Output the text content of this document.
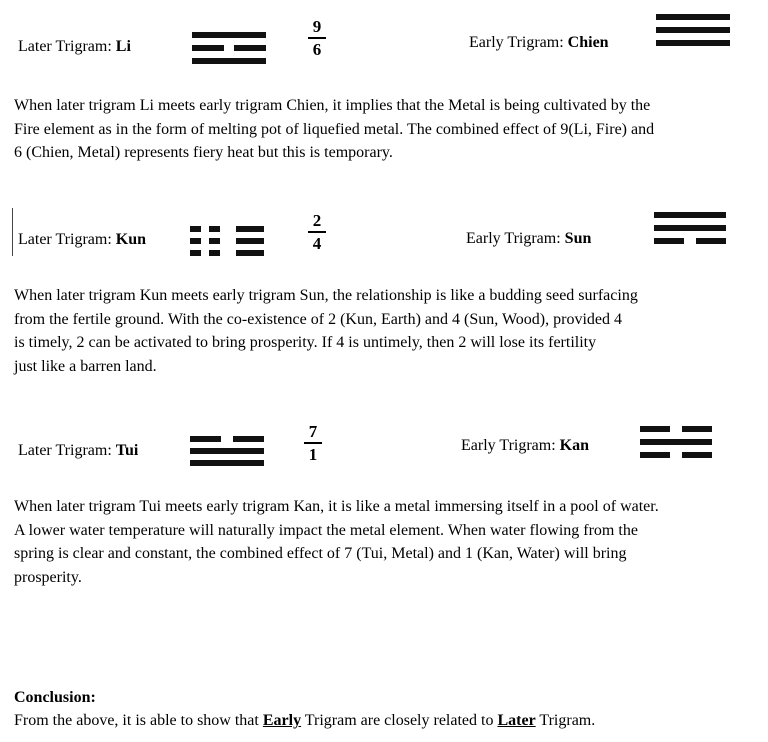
Later Trigram: Li
9
6	Early Trigram: Chien
When later trigram Li meets early trigram Chien, it implies that the Metal is being cultivated by the
Fire element as in the form of melting pot of liquefied metal. The combined effect of 9(Li, Fire) and
6 (Chien, Metal) represents fiery heat but this is temporary.
Later Trigram: Kun
2
4	Early Trigram: Sun
When later trigram Kun meets early trigram Sun, the relationship is like a budding seed surfacing
from the fertile ground. With the co-existence of 2 (Kun, Earth) and 4 (Sun, Wood), provided 4
is timely, 2 can be activated to bring prosperity. If 4 is untimely, then 2 will lose its fertility
just like a barren land.
Later Trigram: Tui
7
1	Early Trigram: Kan
When later trigram Tui meets early trigram Kan, it is like a metal immersing itself in a pool of water.
A lower water temperature will naturally impact the metal element. When water flowing from the
spring is clear and constant, the combined effect of 7 (Tui, Metal) and 1 (Kan, Water) will bring
prosperity.
Conclusion:
From the above, it is able to show that Early Trigram are closely related to Later Trigram.
